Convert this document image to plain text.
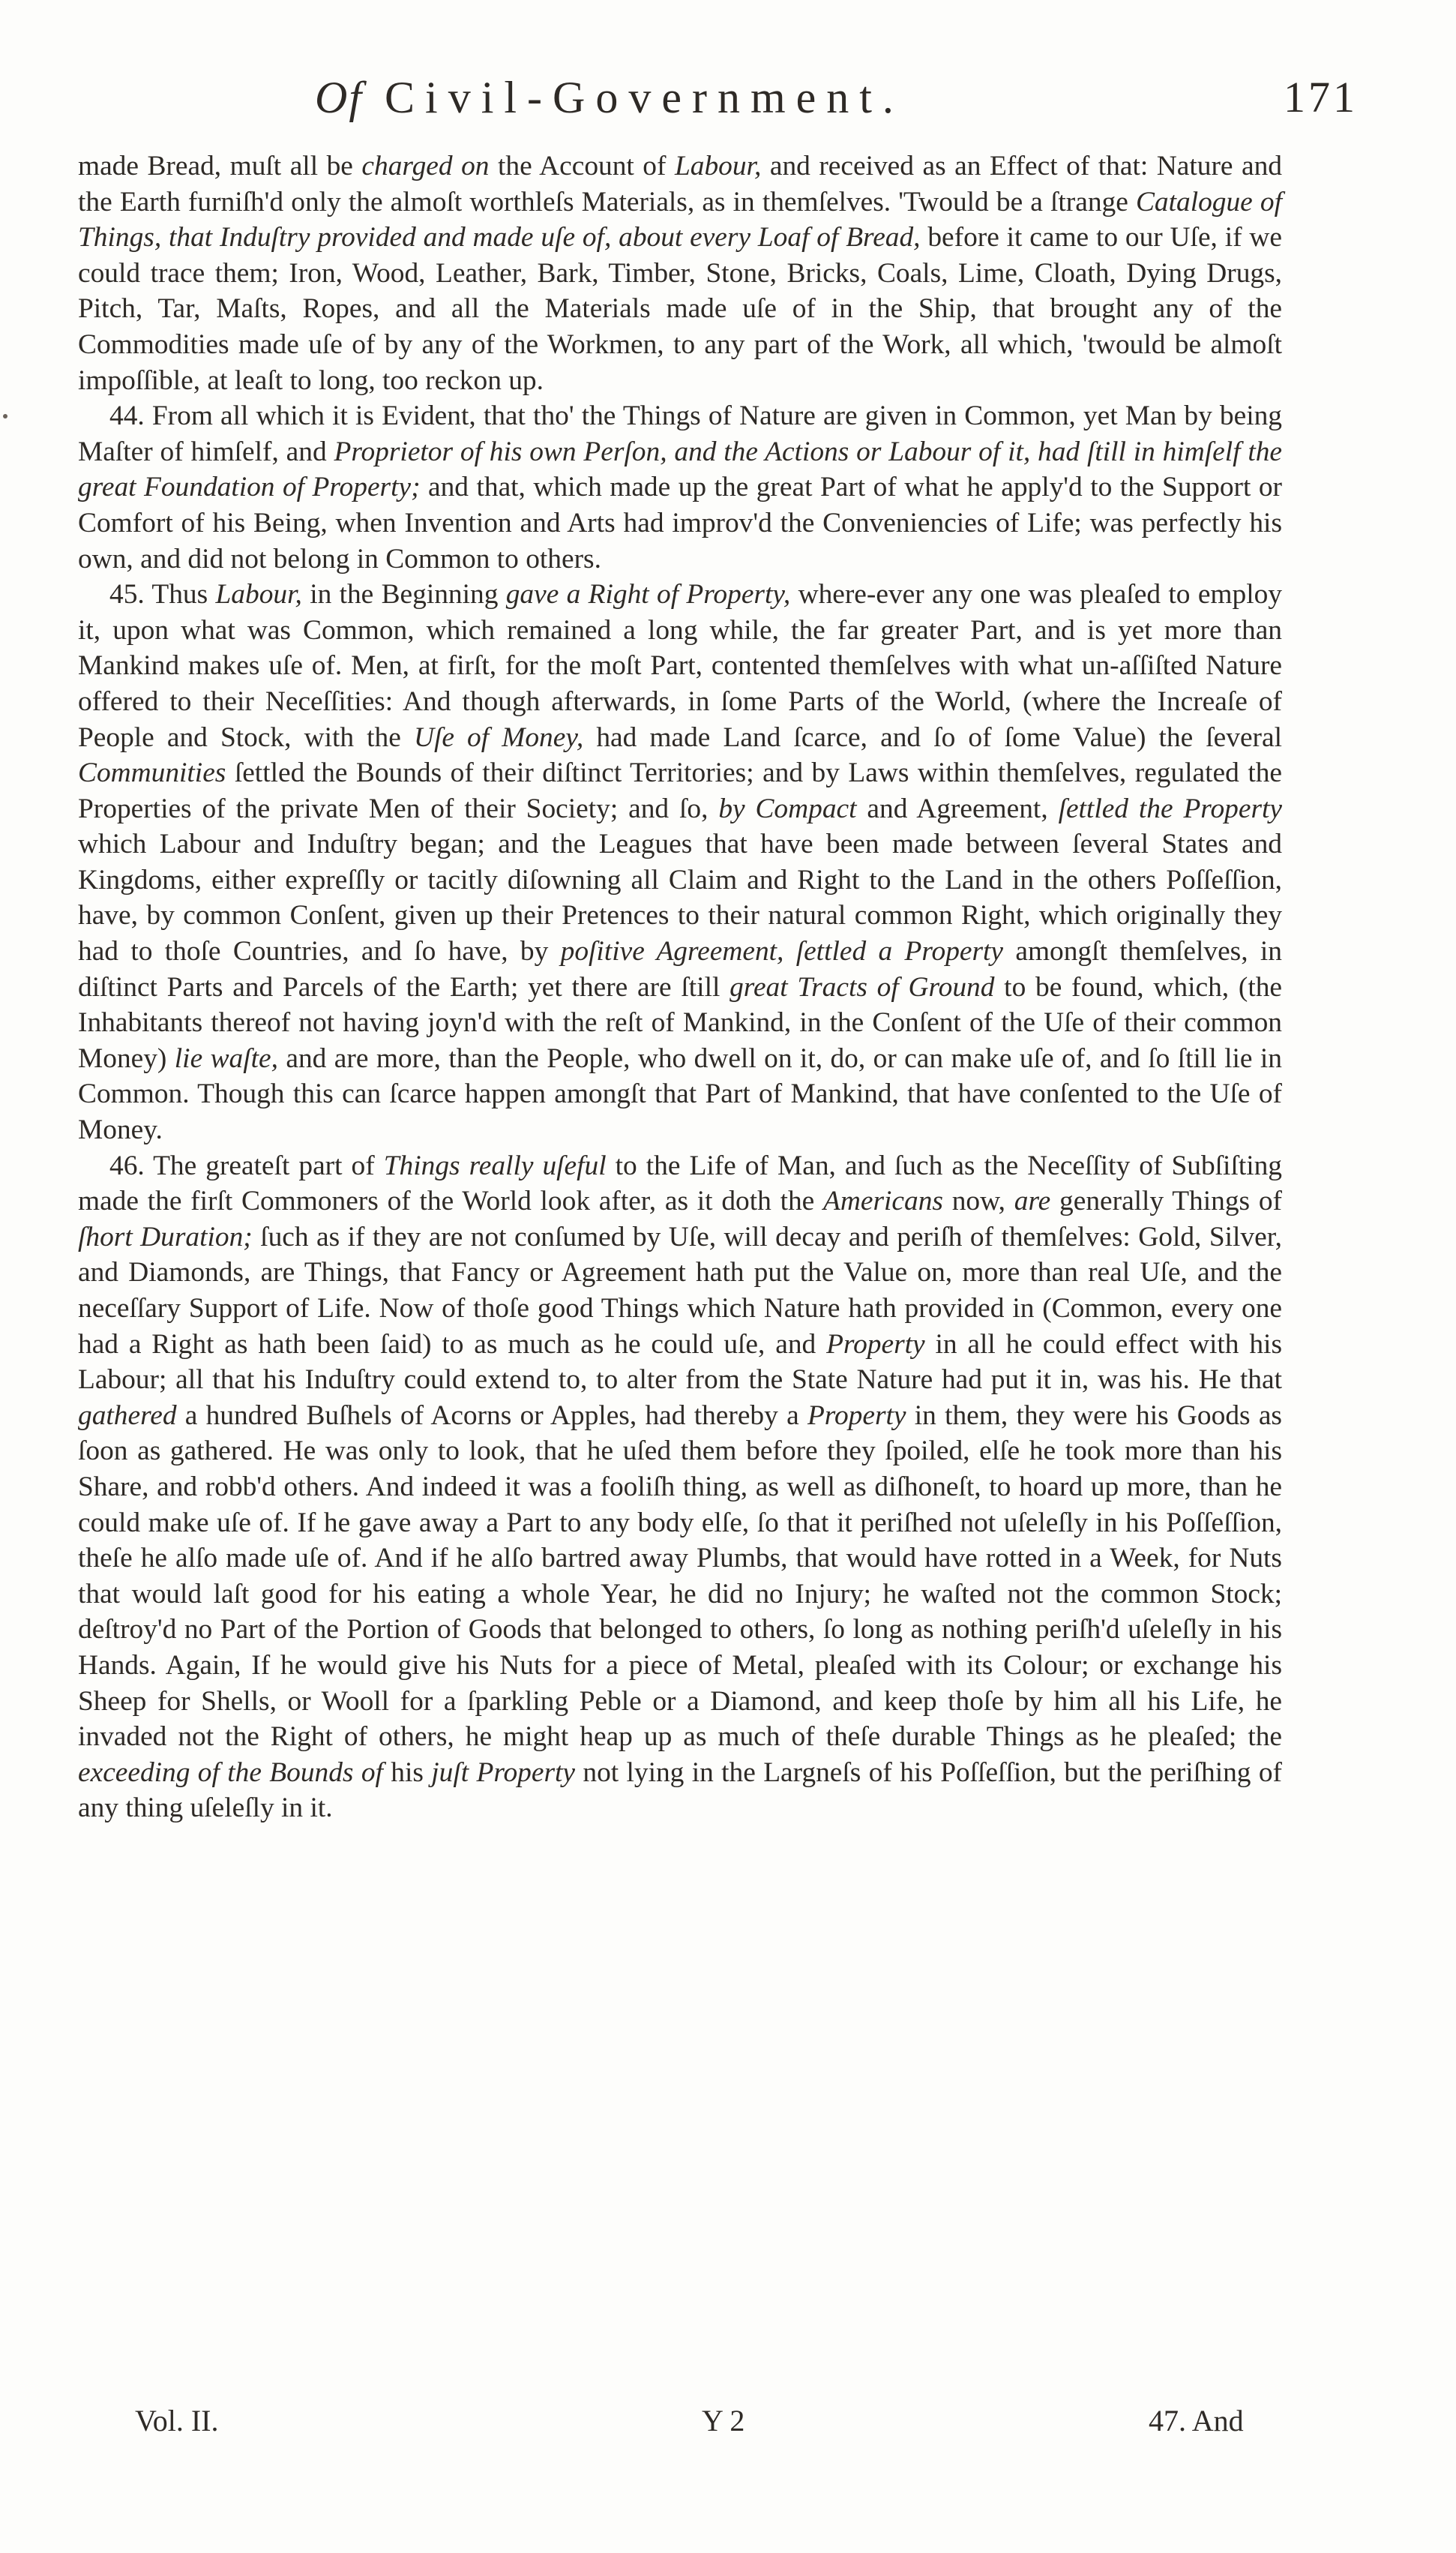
Of Civil-Government.	171

made Bread, muſt all be charged on the Account of Labour, and received as an Effect of that: Nature and the Earth furniſh'd only the almoſt worthleſs Materials, as in themſelves. 'Twould be a ſtrange Catalogue of Things, that Induſtry provided and made uſe of, about every Loaf of Bread, before it came to our Uſe, if we could trace them; Iron, Wood, Leather, Bark, Timber, Stone, Bricks, Coals, Lime, Cloath, Dying Drugs, Pitch, Tar, Maſts, Ropes, and all the Materials made uſe of in the Ship, that brought any of the Commodities made uſe of by any of the Workmen, to any part of the Work, all which, 'twould be almoſt impoſſible, at leaſt to long, too reckon up.

44. From all which it is Evident, that tho' the Things of Nature are given in Common, yet Man by being Maſter of himſelf, and Proprietor of his own Perſon, and the Actions or Labour of it, had ſtill in himſelf the great Foundation of Property; and that, which made up the great Part of what he apply'd to the Support or Comfort of his Being, when Invention and Arts had improv'd the Conveniencies of Life; was perfectly his own, and did not belong in Common to others.

45. Thus Labour, in the Beginning gave a Right of Property, where-ever any one was pleaſed to employ it, upon what was Common, which remained a long while, the far greater Part, and is yet more than Mankind makes uſe of. Men, at firſt, for the moſt Part, contented themſelves with what un-aſſiſted Nature offered to their Neceſſities: And though afterwards, in ſome Parts of the World, (where the Increaſe of People and Stock, with the Uſe of Money, had made Land ſcarce, and ſo of ſome Value) the ſeveral Communities ſettled the Bounds of their diſtinct Territories; and by Laws within themſelves, regulated the Properties of the private Men of their Society; and ſo, by Compact and Agreement, ſettled the Property which Labour and Induſtry began; and the Leagues that have been made between ſeveral States and Kingdoms, either expreſſly or tacitly diſowning all Claim and Right to the Land in the others Poſſeſſion, have, by common Conſent, given up their Pretences to their natural common Right, which originally they had to thoſe Countries, and ſo have, by poſitive Agreement, ſettled a Property amongſt themſelves, in diſtinct Parts and Parcels of the Earth; yet there are ſtill great Tracts of Ground to be found, which, (the Inhabitants thereof not having joyn'd with the reſt of Mankind, in the Conſent of the Uſe of their common Money) lie waſte, and are more, than the People, who dwell on it, do, or can make uſe of, and ſo ſtill lie in Common. Though this can ſcarce happen amongſt that Part of Mankind, that have conſented to the Uſe of Money.

46. The greateſt part of Things really uſeful to the Life of Man, and ſuch as the Neceſſity of Subſiſting made the firſt Commoners of the World look after, as it doth the Americans now, are generally Things of ſhort Duration; ſuch as if they are not conſumed by Uſe, will decay and periſh of themſelves: Gold, Silver, and Diamonds, are Things, that Fancy or Agreement hath put the Value on, more than real Uſe, and the neceſſary Support of Life. Now of thoſe good Things which Nature hath provided in (Common, every one had a Right as hath been ſaid) to as much as he could uſe, and Property in all he could effect with his Labour; all that his Induſtry could extend to, to alter from the State Nature had put it in, was his. He that gathered a hundred Buſhels of Acorns or Apples, had thereby a Property in them, they were his Goods as ſoon as gathered. He was only to look, that he uſed them before they ſpoiled, elſe he took more than his Share, and robb'd others. And indeed it was a fooliſh thing, as well as diſhoneſt, to hoard up more, than he could make uſe of. If he gave away a Part to any body elſe, ſo that it periſhed not uſeleſly in his Poſſeſſion, theſe he alſo made uſe of. And if he alſo bartred away Plumbs, that would have rotted in a Week, for Nuts that would laſt good for his eating a whole Year, he did no Injury; he waſted not the common Stock; deſtroy'd no Part of the Portion of Goods that belonged to others, ſo long as nothing periſh'd uſeleſly in his Hands. Again, If he would give his Nuts for a piece of Metal, pleaſed with its Colour; or exchange his Sheep for Shells, or Wooll for a ſparkling Peble or a Diamond, and keep thoſe by him all his Life, he invaded not the Right of others, he might heap up as much of theſe durable Things as he pleaſed; the exceeding of the Bounds of his juſt Property not lying in the Largneſs of his Poſſeſſion, but the periſhing of any thing uſeleſly in it.

Vol. II.	Y 2	47. And
